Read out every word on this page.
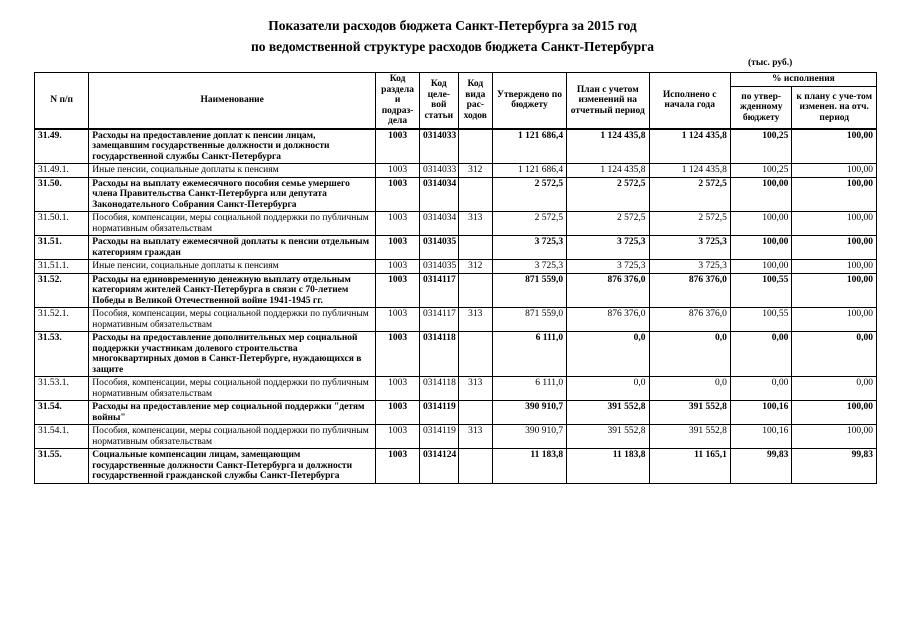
Показатели расходов бюджета Санкт-Петербурга за 2015 год
по ведомственной структуре расходов бюджета Санкт-Петербурга
(тыс. руб.)
N п/п	Наименование	Код раздела и подраз-дела	Код целе-вой статьи	Код вида рас-ходов	Утверждено по бюджету	План с учетом изменений на отчетный период	Исполнено с начала года	% исполнения	
								по утвер-жденному бюджету	к плану с уче-том изменен. на отч. период
31.49.	Расходы на предоставление доплат к пенсии лицам, замещавшим государственные должности и должности государственной службы Санкт-Петербурга	1003	0314033		1 121 686,4	1 124 435,8	1 124 435,8	100,25	100,00
31.49.1.	Иные пенсии, социальные доплаты к пенсиям	1003	0314033	312	1 121 686,4	1 124 435,8	1 124 435,8	100,25	100,00
31.50.	Расходы на выплату ежемесячного пособия семье умершего члена Правительства Санкт-Петербурга или депутата Законодательного Собрания Санкт-Петербурга	1003	0314034		2 572,5	2 572,5	2 572,5	100,00	100,00
31.50.1.	Пособия, компенсации, меры социальной поддержки по публичным нормативным обязательствам	1003	0314034	313	2 572,5	2 572,5	2 572,5	100,00	100,00
31.51.	Расходы на выплату ежемесячной доплаты к пенсии отдельным категориям граждан	1003	0314035		3 725,3	3 725,3	3 725,3	100,00	100,00
31.51.1.	Иные пенсии, социальные доплаты к пенсиям	1003	0314035	312	3 725,3	3 725,3	3 725,3	100,00	100,00
31.52.	Расходы на единовременную денежную выплату отдельным категориям жителей Санкт-Петербурга в связи с 70-летием Победы в Великой Отечественной войне 1941-1945 гг.	1003	0314117		871 559,0	876 376,0	876 376,0	100,55	100,00
31.52.1.	Пособия, компенсации, меры социальной поддержки по публичным нормативным обязательствам	1003	0314117	313	871 559,0	876 376,0	876 376,0	100,55	100,00
31.53.	Расходы на предоставление дополнительных мер социальной поддержки участникам долевого строительства многоквартирных домов в Санкт-Петербурге, нуждающихся в защите	1003	0314118		6 111,0	0,0	0,0	0,00	0,00
31.53.1.	Пособия, компенсации, меры социальной поддержки по публичным нормативным обязательствам	1003	0314118	313	6 111,0	0,0	0,0	0,00	0,00
31.54.	Расходы на предоставление мер социальной поддержки "детям войны"	1003	0314119		390 910,7	391 552,8	391 552,8	100,16	100,00
31.54.1.	Пособия, компенсации, меры социальной поддержки по публичным нормативным обязательствам	1003	0314119	313	390 910,7	391 552,8	391 552,8	100,16	100,00
31.55.	Социальные компенсации лицам, замещающим государственные должности Санкт-Петербурга и должности государственной гражданской службы Санкт-Петербурга	1003	0314124		11 183,8	11 183,8	11 165,1	99,83	99,83
